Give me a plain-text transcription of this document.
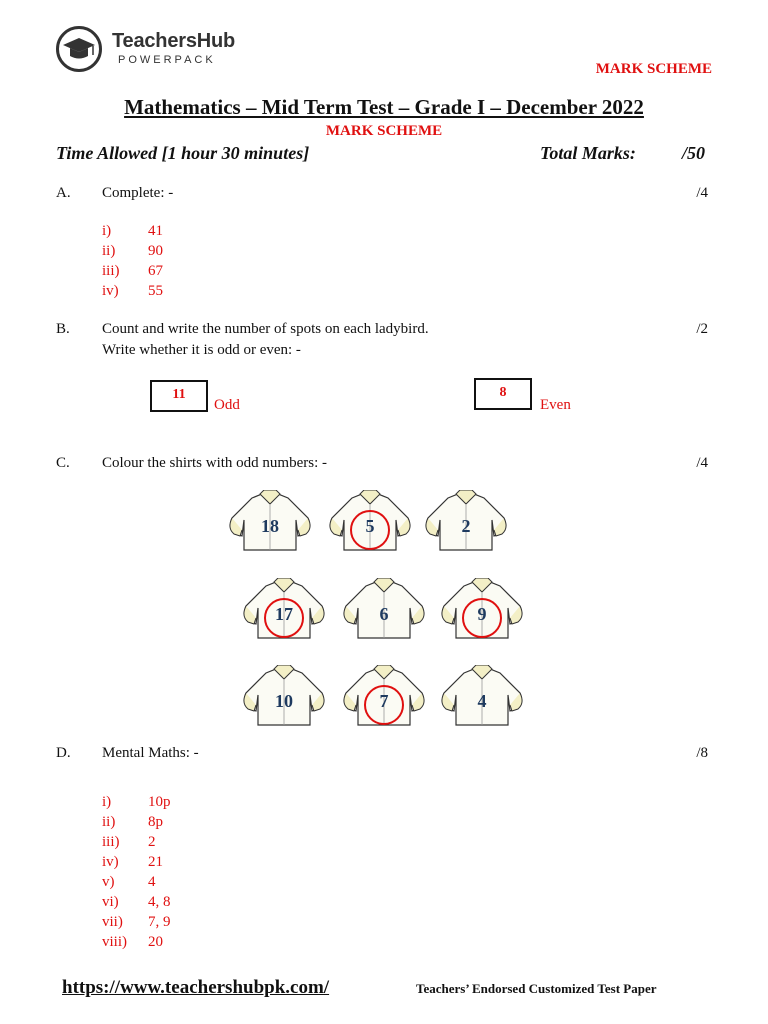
TeachersHub
POWERPACK
MARK SCHEME
Mathematics – Mid Term Test – Grade I – December 2022
MARK SCHEME
Time Allowed [1 hour 30 minutes]	Total Marks:	/50
A. Complete: -	/4
i)	41
ii)	90
iii)	67
iv)	55
B. Count and write the number of spots on each ladybird.
Write whether it is odd or even: -
/2
11
Odd
8
Even
C. Colour the shirts with odd numbers: -	/4
18	5	2
17	6	9
10	7	4
D. Mental Maths: -	/8
i)	10p
ii)	8p
iii)	2
iv)	21
v)	4
vi)	4, 8
vii)	7, 9
viii)	20
https://www.teachershubpk.com/	Teachers’ Endorsed Customized Test Paper
